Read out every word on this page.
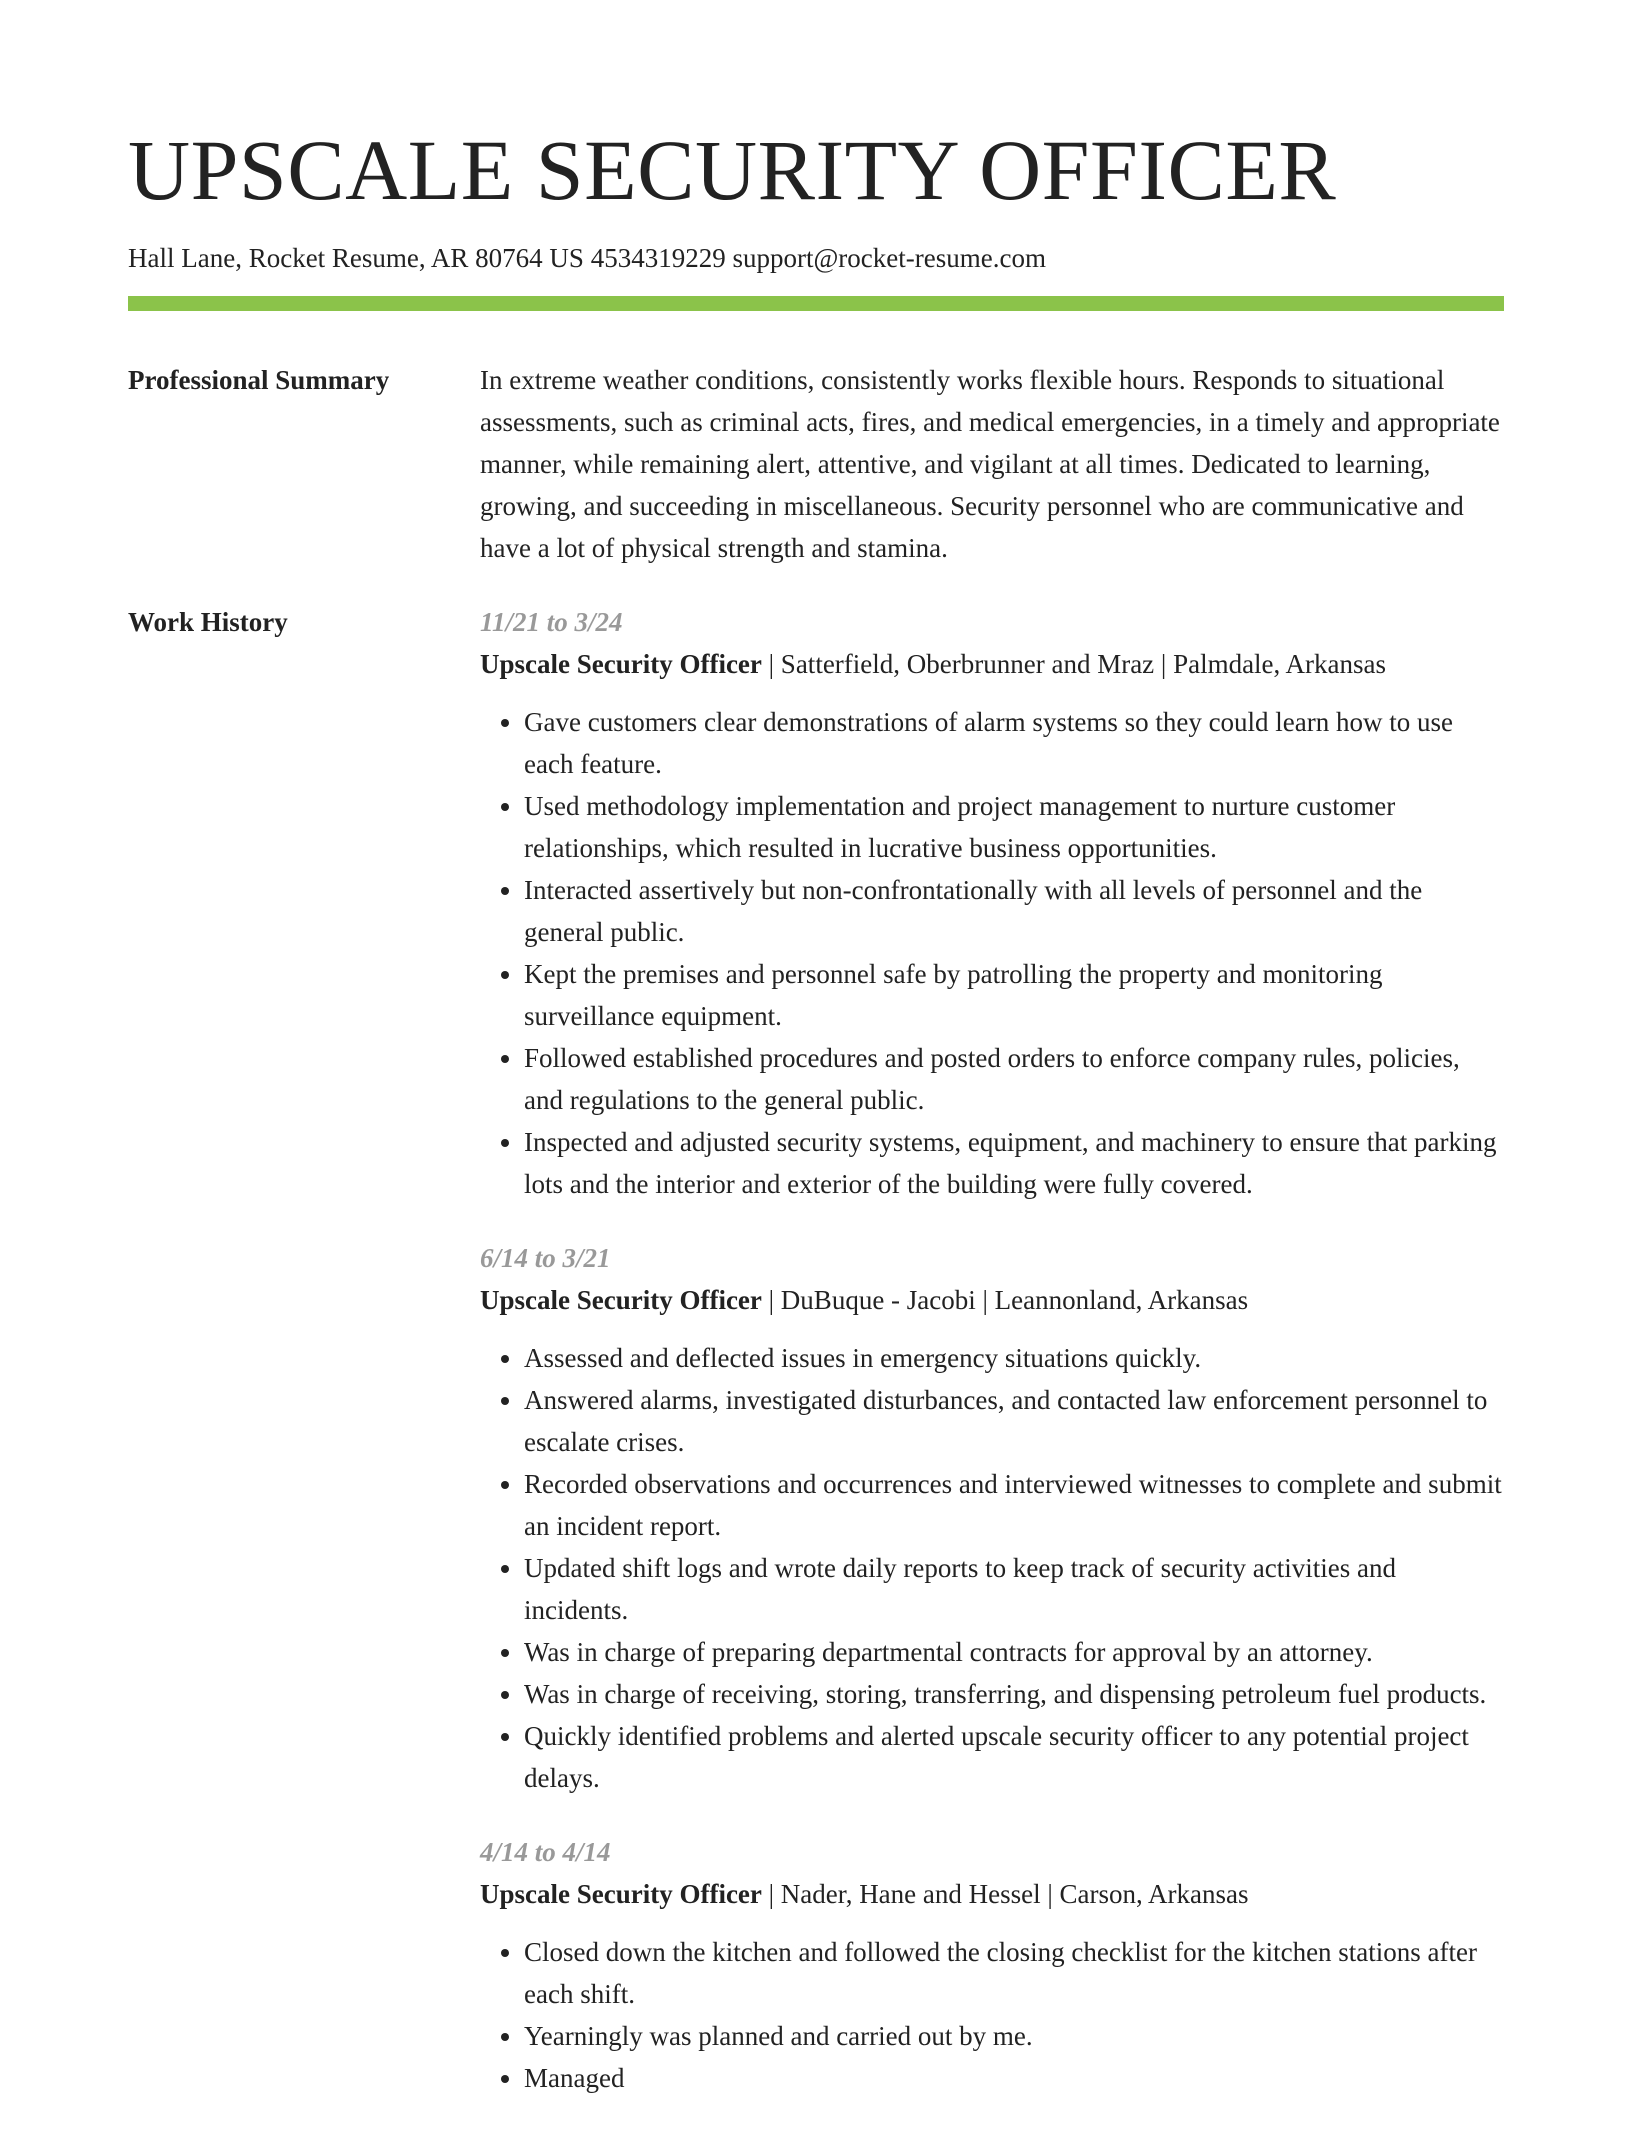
UPSCALE SECURITY OFFICER
Hall Lane, Rocket Resume, AR 80764 US 4534319229 support@rocket-resume.com
Professional Summary	In extreme weather conditions, consistently works flexible hours. Responds to situational assessments, such as criminal acts, fires, and medical emergencies, in a timely and appropriate manner, while remaining alert, attentive, and vigilant at all times. Dedicated to learning, growing, and succeeding in miscellaneous. Security personnel who are communicative and have a lot of physical strength and stamina.

Work History	11/21 to 3/24
Upscale Security Officer | Satterfield, Oberbrunner and Mraz | Palmdale, Arkansas
• Gave customers clear demonstrations of alarm systems so they could learn how to use each feature.
• Used methodology implementation and project management to nurture customer relationships, which resulted in lucrative business opportunities.
• Interacted assertively but non-confrontationally with all levels of personnel and the general public.
• Kept the premises and personnel safe by patrolling the property and monitoring surveillance equipment.
• Followed established procedures and posted orders to enforce company rules, policies, and regulations to the general public.
• Inspected and adjusted security systems, equipment, and machinery to ensure that parking lots and the interior and exterior of the building were fully covered.
6/14 to 3/21
Upscale Security Officer | DuBuque - Jacobi | Leannonland, Arkansas
• Assessed and deflected issues in emergency situations quickly.
• Answered alarms, investigated disturbances, and contacted law enforcement personnel to escalate crises.
• Recorded observations and occurrences and interviewed witnesses to complete and submit an incident report.
• Updated shift logs and wrote daily reports to keep track of security activities and incidents.
• Was in charge of preparing departmental contracts for approval by an attorney.
• Was in charge of receiving, storing, transferring, and dispensing petroleum fuel products.
• Quickly identified problems and alerted upscale security officer to any potential project delays.
4/14 to 4/14
Upscale Security Officer | Nader, Hane and Hessel | Carson, Arkansas
• Closed down the kitchen and followed the closing checklist for the kitchen stations after each shift.
• Yearningly was planned and carried out by me.
• Managed
